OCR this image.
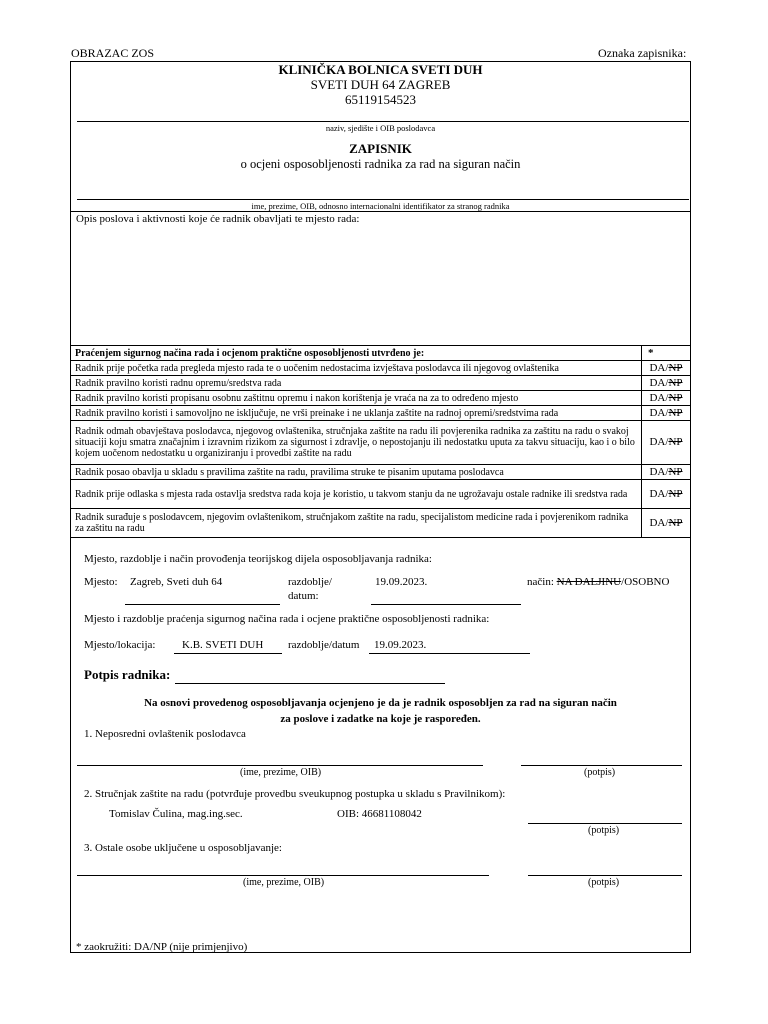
OBRAZAC ZOS	Oznaka zapisnika:
KLINIČKA BOLNICA SVETI DUH
SVETI DUH 64 ZAGREB
65119154523
naziv, sjedište i OIB poslodavca
ZAPISNIK
o ocjeni osposobljenosti radnika za rad na siguran način
ime, prezime, OIB, odnosno internacionalni identifikator za stranog radnika
Opis poslova i aktivnosti koje će radnik obavljati te mjesto rada:
Praćenjem sigurnog načina rada i ocjenom praktične osposobljenosti utvrđeno je:	*
Radnik prije početka rada pregleda mjesto rada te o uočenim nedostacima izvještava poslodavca ili njegovog ovlaštenika	DA/NP
Radnik pravilno koristi radnu opremu/sredstva rada	DA/NP
Radnik pravilno koristi propisanu osobnu zaštitnu opremu i nakon korištenja je vraća na za to određeno mjesto	DA/NP
Radnik pravilno koristi i samovoljno ne isključuje, ne vrši preinake i ne uklanja zaštite na radnoj opremi/sredstvima rada	DA/NP
Radnik odmah obavještava poslodavca, njegovog ovlaštenika, stručnjaka zaštite na radu ili povjerenika radnika za zaštitu na radu o svakoj situaciji koju smatra značajnim i izravnim rizikom za sigurnost i zdravlje, o nepostojanju ili nedostatku uputa za takvu situaciju, kao i o bilo kojem uočenom nedostatku u organiziranju i provedbi zaštite na radu	DA/NP
Radnik posao obavlja u skladu s pravilima zaštite na radu, pravilima struke te pisanim uputama poslodavca	DA/NP
Radnik prije odlaska s mjesta rada ostavlja sredstva rada koja je koristio, u takvom stanju da ne ugrožavaju ostale radnike ili sredstva rada	DA/NP
Radnik surađuje s poslodavcem, njegovim ovlaštenikom, stručnjakom zaštite na radu, specijalistom medicine rada i povjerenikom radnika za zaštitu na radu	DA/NP
Mjesto, razdoblje i način provođenja teorijskog dijela osposobljavanja radnika:
Mjesto: Zagreb, Sveti duh 64	razdoblje/
datum:
19.09.2023.	način: NA DALJINU/OSOBNO
Mjesto i razdoblje praćenja sigurnog načina rada i ocjene praktične osposobljenosti radnika:
Mjesto/lokacija: K.B. SVETI DUH razdoblje/datum 19.09.2023.
Potpis radnika:
Na osnovi provedenog osposobljavanja ocjenjeno je da je radnik osposobljen za rad na siguran način
za poslove i zadatke na koje je raspoređen.
1. Neposredni ovlaštenik poslodavca
(ime, prezime, OIB)	(potpis)
2. Stručnjak zaštite na radu (potvrđuje provedbu sveukupnog postupka u skladu s Pravilnikom):
Tomislav Čulina, mag.ing.sec.	OIB: 46681108042
(potpis)
3. Ostale osobe uključene u osposobljavanje:
(ime, prezime, OIB)	(potpis)
* zaokružiti: DA/NP (nije primjenjivo)
